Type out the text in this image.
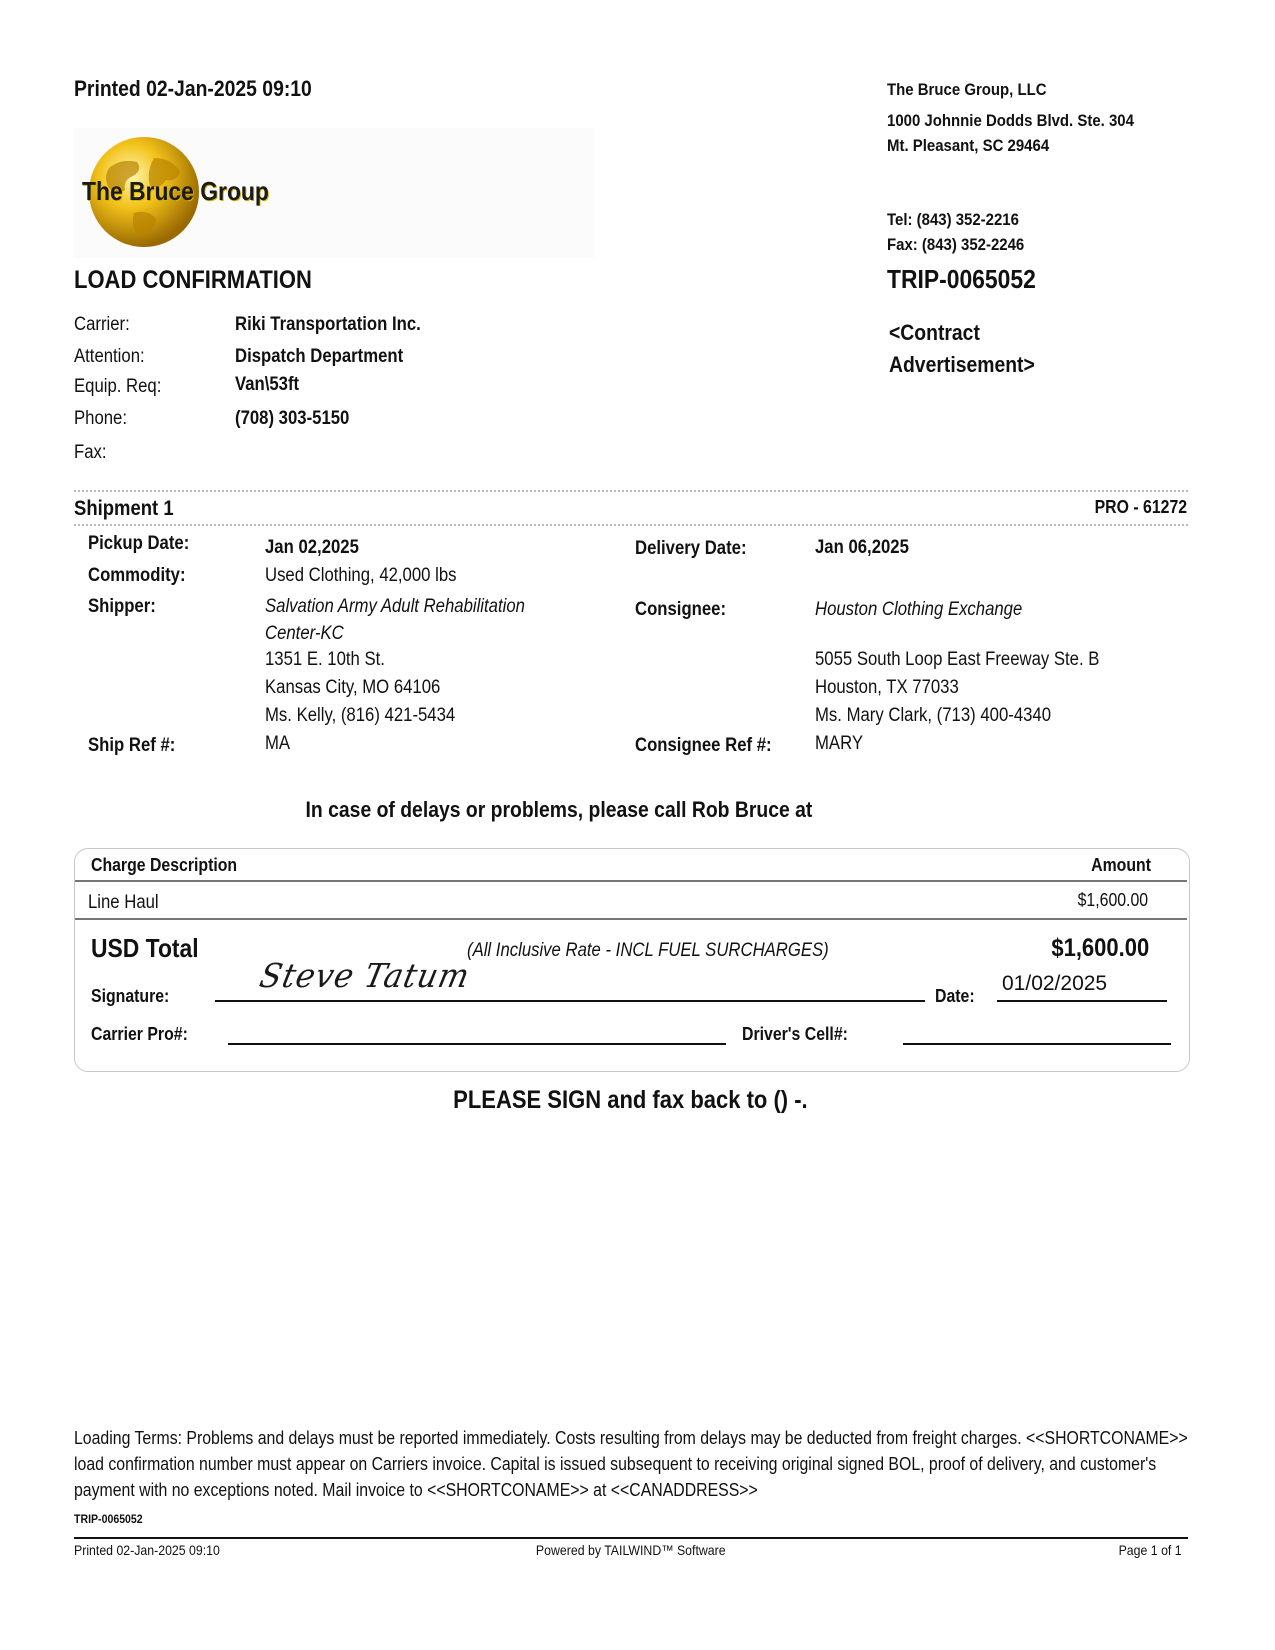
Printed 02-Jan-2025 09:10
The Bruce Group
LOAD CONFIRMATION
The Bruce Group, LLC
1000 Johnnie Dodds Blvd. Ste. 304
Mt. Pleasant, SC 29464
Tel: (843) 352-2216
Fax: (843) 352-2246
TRIP-0065052
<Contract
Advertisement>
Carrier:	Riki Transportation Inc.
Attention:	Dispatch Department
Equip. Req:	Van\53ft
Phone:	(708) 303-5150
Fax:
Shipment 1	PRO - 61272
Pickup Date:	Jan 02,2025	Delivery Date:	Jan 06,2025
Commodity:	Used Clothing, 42,000 lbs
Shipper:	Salvation Army Adult Rehabilitation
Center-KC
1351 E. 10th St.
Kansas City, MO 64106
Ms. Kelly, (816) 421-5434
Consignee:	Houston Clothing Exchange
5055 South Loop East Freeway Ste. B
Houston, TX 77033
Ms. Mary Clark, (713) 400-4340
Ship Ref #:	MA	Consignee Ref #:	MARY
In case of delays or problems, please call Rob Bruce at
Charge Description	Amount
Line Haul	$1,600.00
USD Total	(All Inclusive Rate - INCL FUEL SURCHARGES)	$1,600.00
Signature:
Steve Tatum
Date:
01/02/2025
Carrier Pro#:	Driver's Cell#:
PLEASE SIGN and fax back to () -.
Loading Terms: Problems and delays must be reported immediately. Costs resulting from delays may be deducted from freight charges. <<SHORTCONAME>>
load confirmation number must appear on Carriers invoice. Capital is issued subsequent to receiving original signed BOL, proof of delivery, and customer's
payment with no exceptions noted. Mail invoice to <<SHORTCONAME>> at <<CANADDRESS>>
TRIP-0065052
Printed 02-Jan-2025 09:10	Powered by TAILWIND™ Software	Page 1 of 1
